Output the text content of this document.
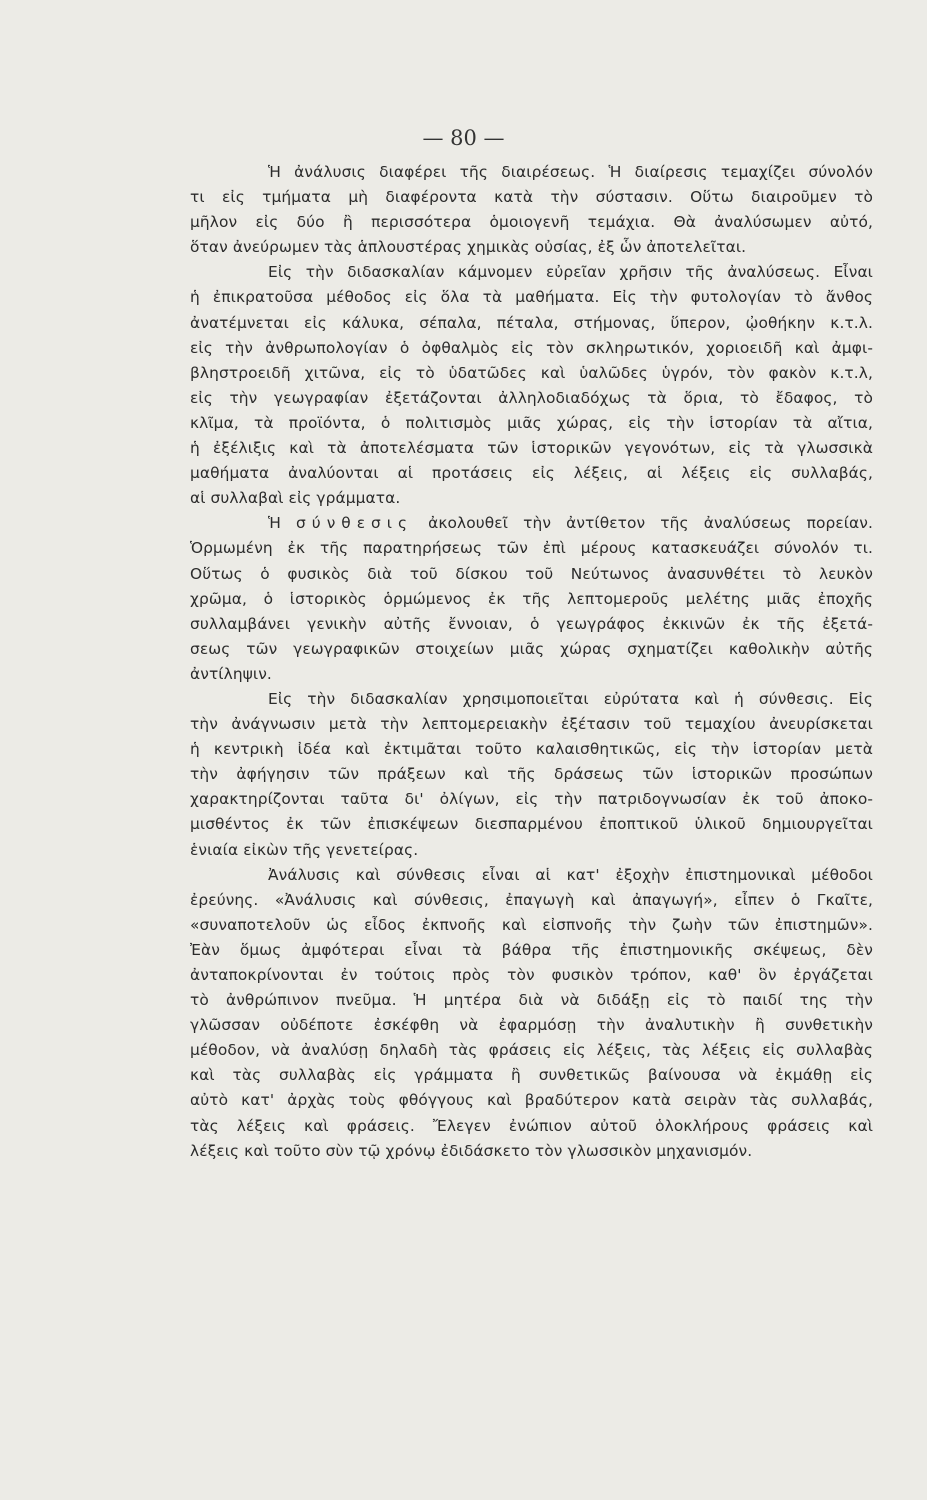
— 80 —
Ἡ ἀνάλυσις διαφέρει τῆς διαιρέσεως. Ἡ διαίρεσις τεμαχίζει σύνολόν
τι εἰς τμήματα μὴ διαφέροντα κατὰ τὴν σύστασιν. Οὕτω διαιροῦμεν τὸ
μῆλον εἰς δύο ἢ περισσότερα ὁμοιογενῆ τεμάχια. Θὰ ἀναλύσωμεν αὐτό,
ὅταν ἀνεύρωμεν τὰς ἁπλουστέρας χημικὰς οὐσίας, ἐξ ὧν ἀποτελεῖται.
Εἰς τὴν διδασκαλίαν κάμνομεν εὐρεῖαν χρῆσιν τῆς ἀναλύσεως. Εἶναι
ἡ ἐπικρατοῦσα μέθοδος εἰς ὅλα τὰ μαθήματα. Εἰς τὴν φυτολογίαν τὸ ἄνθος
ἀνατέμνεται εἰς κάλυκα, σέπαλα, πέταλα, στήμονας, ὕπερον, ᾠοθήκην κ.τ.λ.
εἰς τὴν ἀνθρωπολογίαν ὁ ὀφθαλμὸς εἰς τὸν σκληρωτικόν, χοριοειδῆ καὶ ἀμφι-
βληστροειδῆ χιτῶνα, εἰς τὸ ὑδατῶδες καὶ ὑαλῶδες ὑγρόν, τὸν φακὸν κ.τ.λ,
εἰς τὴν γεωγραφίαν ἐξετάζονται ἀλληλοδιαδόχως τὰ ὅρια, τὸ ἔδαφος, τὸ
κλῖμα, τὰ προϊόντα, ὁ πολιτισμὸς μιᾶς χώρας, εἰς τὴν ἱστορίαν τὰ αἴτια,
ἡ ἐξέλιξις καὶ τὰ ἀποτελέσματα τῶν ἱστορικῶν γεγονότων, εἰς τὰ γλωσσικὰ
μαθήματα ἀναλύονται αἱ προτάσεις εἰς λέξεις, αἱ λέξεις εἰς συλλαβάς,
αἱ συλλαβαὶ εἰς γράμματα.
Ἡ σύνθεσις ἀκολουθεῖ τὴν ἀντίθετον τῆς ἀναλύσεως πορείαν.
Ὁρμωμένη ἐκ τῆς παρατηρήσεως τῶν ἐπὶ μέρους κατασκευάζει σύνολόν τι.
Οὕτως ὁ φυσικὸς διὰ τοῦ δίσκου τοῦ Νεύτωνος ἀνασυνθέτει τὸ λευκὸν
χρῶμα, ὁ ἱστορικὸς ὁρμώμενος ἐκ τῆς λεπτομεροῦς μελέτης μιᾶς ἐποχῆς
συλλαμβάνει γενικὴν αὐτῆς ἔννοιαν, ὁ γεωγράφος ἐκκινῶν ἐκ τῆς ἐξετά-
σεως τῶν γεωγραφικῶν στοιχείων μιᾶς χώρας σχηματίζει καθολικὴν αὐτῆς
ἀντίληψιν.
Εἰς τὴν διδασκαλίαν χρησιμοποιεῖται εὐρύτατα καὶ ἡ σύνθεσις. Εἰς
τὴν ἀνάγνωσιν μετὰ τὴν λεπτομερειακὴν ἐξέτασιν τοῦ τεμαχίου ἀνευρίσκεται
ἡ κεντρικὴ ἰδέα καὶ ἐκτιμᾶται τοῦτο καλαισθητικῶς, εἰς τὴν ἱστορίαν μετὰ
τὴν ἀφήγησιν τῶν πράξεων καὶ τῆς δράσεως τῶν ἱστορικῶν προσώπων
χαρακτηρίζονται ταῦτα δι' ὀλίγων, εἰς τὴν πατριδογνωσίαν ἐκ τοῦ ἀποκο-
μισθέντος ἐκ τῶν ἐπισκέψεων διεσπαρμένου ἐποπτικοῦ ὑλικοῦ δημιουργεῖται
ἑνιαία εἰκὼν τῆς γενετείρας.
Ἀνάλυσις καὶ σύνθεσις εἶναι αἱ κατ' ἐξοχὴν ἐπιστημονικαὶ μέθοδοι
ἐρεύνης. «Ἀνάλυσις καὶ σύνθεσις, ἐπαγωγὴ καὶ ἀπαγωγή», εἶπεν ὁ Γκαῖτε,
«συναποτελοῦν ὡς εἶδος ἐκπνοῆς καὶ εἰσπνοῆς τὴν ζωὴν τῶν ἐπιστημῶν».
Ἐὰν ὅμως ἀμφότεραι εἶναι τὰ βάθρα τῆς ἐπιστημονικῆς σκέψεως, δὲν
ἀνταποκρίνονται ἐν τούτοις πρὸς τὸν φυσικὸν τρόπον, καθ' ὃν ἐργάζεται
τὸ ἀνθρώπινον πνεῦμα. Ἡ μητέρα διὰ νὰ διδάξῃ εἰς τὸ παιδί της τὴν
γλῶσσαν οὐδέποτε ἐσκέφθη νὰ ἐφαρμόσῃ τὴν ἀναλυτικὴν ἢ συνθετικὴν
μέθοδον, νὰ ἀναλύσῃ δηλαδὴ τὰς φράσεις εἰς λέξεις, τὰς λέξεις εἰς συλλαβὰς
καὶ τὰς συλλαβὰς εἰς γράμματα ἢ συνθετικῶς βαίνουσα νὰ ἐκμάθῃ εἰς
αὐτὸ κατ' ἀρχὰς τοὺς φθόγγους καὶ βραδύτερον κατὰ σειρὰν τὰς συλλαβάς,
τὰς λέξεις καὶ φράσεις. Ἔλεγεν ἐνώπιον αὐτοῦ ὁλοκλήρους φράσεις καὶ
λέξεις καὶ τοῦτο σὺν τῷ χρόνῳ ἐδιδάσκετο τὸν γλωσσικὸν μηχανισμόν.
